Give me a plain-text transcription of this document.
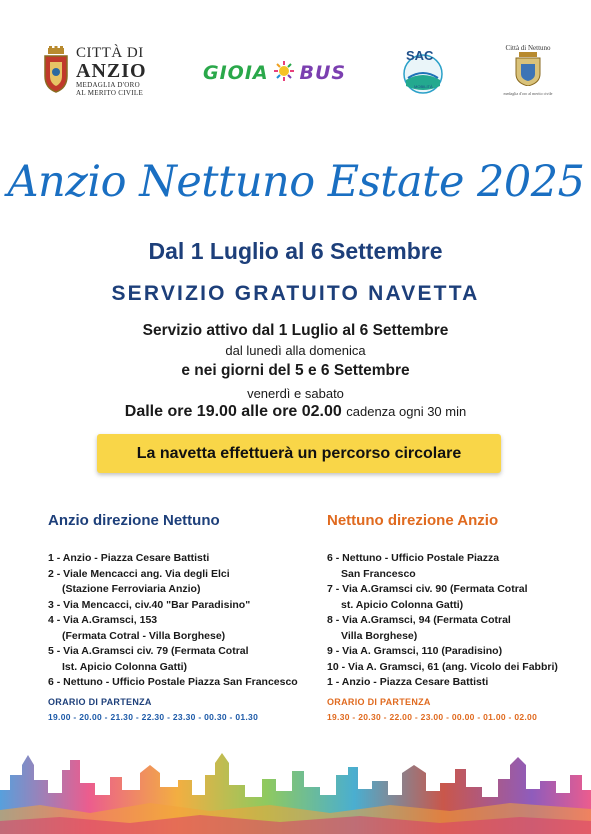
CITTÀ DI
ANZIO
MEDAGLIA D'ORO
AL MERITO CIVILE
GIOIA BUS
SAC
MOBILITÀ
Città di Nettuno
medaglia d'oro al merito civile
Anzio Nettuno Estate 2025
Dal 1 Luglio al 6 Settembre
SERVIZIO GRATUITO NAVETTA
Servizio attivo dal 1 Luglio al 6 Settembre
dal lunedì alla domenica
e nei giorni del 5 e 6 Settembre
venerdì e sabato
Dalle ore 19.00 alle ore 02.00 cadenza ogni 30 min
La navetta effettuerà un percorso circolare
Anzio direzione Nettuno
1 - Anzio - Piazza Cesare Battisti
2 - Viale Mencacci ang. Via degli Elci
(Stazione Ferroviaria Anzio)
3 - Via Mencacci, civ.40 "Bar Paradisino"
4 - Via A.Gramsci, 153
(Fermata Cotral - Villa Borghese)
5 - Via A.Gramsci civ. 79 (Fermata Cotral
Ist. Apicio Colonna Gatti)
6 - Nettuno - Ufficio Postale Piazza San Francesco
ORARIO DI PARTENZA
19.00 - 20.00 - 21.30 - 22.30 - 23.30 - 00.30 - 01.30
Nettuno direzione Anzio
6 - Nettuno - Ufficio Postale Piazza
San Francesco
7 - Via A.Gramsci civ. 90 (Fermata Cotral
st. Apicio Colonna Gatti)
8 - Via A.Gramsci, 94 (Fermata Cotral
Villa Borghese)
9 - Via A. Gramsci, 110 (Paradisino)
10 - Via A. Gramsci, 61 (ang. Vicolo dei Fabbri)
1 - Anzio - Piazza Cesare Battisti
ORARIO DI PARTENZA
19.30 - 20.30 - 22.00 - 23.00 - 00.00 - 01.00 - 02.00
